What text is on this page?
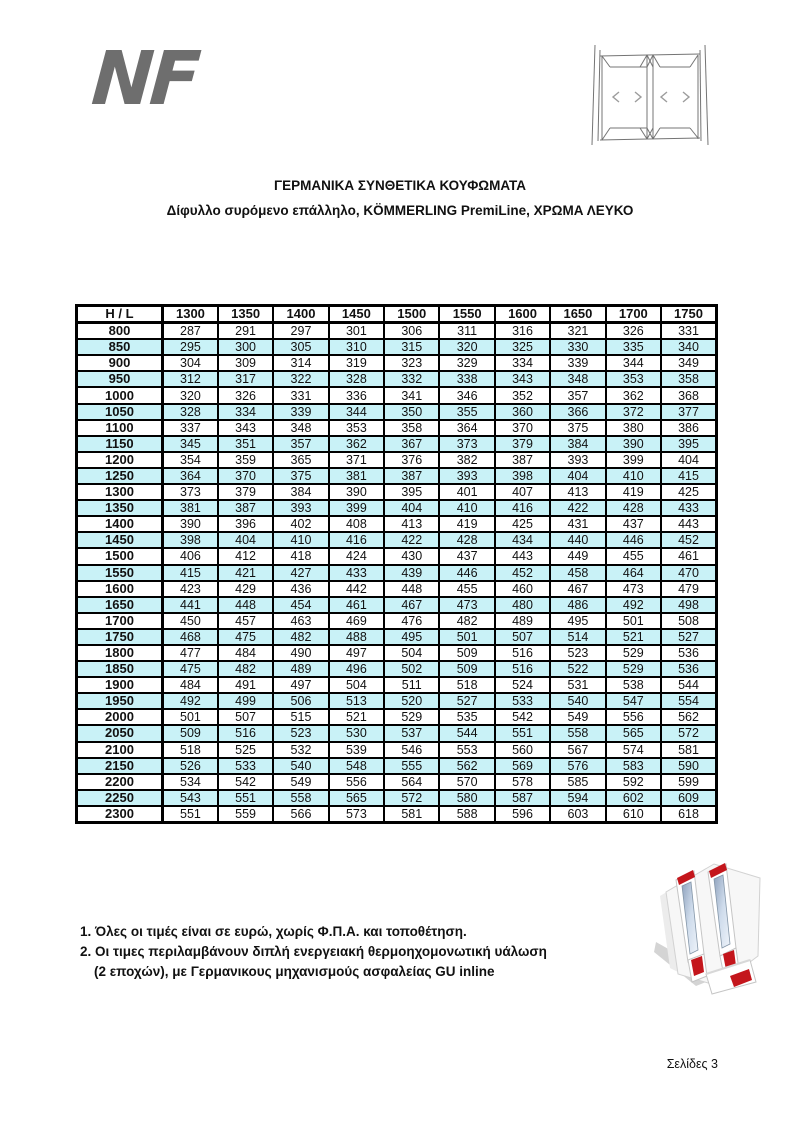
NF
ΓΕΡΜΑΝΙΚΑ ΣΥΝΘΕΤΙΚΑ ΚΟΥΦΩΜΑΤΑ
Δίφυλλο συρόμενο επάλληλο, KÖMMERLING PremiLine, ΧΡΩΜΑ ΛΕΥΚΟ
H / L	1300	1350	1400	1450	1500	1550	1600	1650	1700	1750
800	287	291	297	301	306	311	316	321	326	331
850	295	300	305	310	315	320	325	330	335	340
900	304	309	314	319	323	329	334	339	344	349
950	312	317	322	328	332	338	343	348	353	358
1000	320	326	331	336	341	346	352	357	362	368
1050	328	334	339	344	350	355	360	366	372	377
1100	337	343	348	353	358	364	370	375	380	386
1150	345	351	357	362	367	373	379	384	390	395
1200	354	359	365	371	376	382	387	393	399	404
1250	364	370	375	381	387	393	398	404	410	415
1300	373	379	384	390	395	401	407	413	419	425
1350	381	387	393	399	404	410	416	422	428	433
1400	390	396	402	408	413	419	425	431	437	443
1450	398	404	410	416	422	428	434	440	446	452
1500	406	412	418	424	430	437	443	449	455	461
1550	415	421	427	433	439	446	452	458	464	470
1600	423	429	436	442	448	455	460	467	473	479
1650	441	448	454	461	467	473	480	486	492	498
1700	450	457	463	469	476	482	489	495	501	508
1750	468	475	482	488	495	501	507	514	521	527
1800	477	484	490	497	504	509	516	523	529	536
1850	475	482	489	496	502	509	516	522	529	536
1900	484	491	497	504	511	518	524	531	538	544
1950	492	499	506	513	520	527	533	540	547	554
2000	501	507	515	521	529	535	542	549	556	562
2050	509	516	523	530	537	544	551	558	565	572
2100	518	525	532	539	546	553	560	567	574	581
2150	526	533	540	548	555	562	569	576	583	590
2200	534	542	549	556	564	570	578	585	592	599
2250	543	551	558	565	572	580	587	594	602	609
2300	551	559	566	573	581	588	596	603	610	618
1. Όλες οι τιμές είναι σε ευρώ, χωρίς Φ.Π.Α. και τοποθέτηση.
2. Οι τιμες περιλαμβάνουν διπλή ενεργειακή θερμοηχομονωτική υάλωση
(2 εποχών), με Γερμανικους μηχανισμούς ασφαλείας GU inline
Σελίδες 3
